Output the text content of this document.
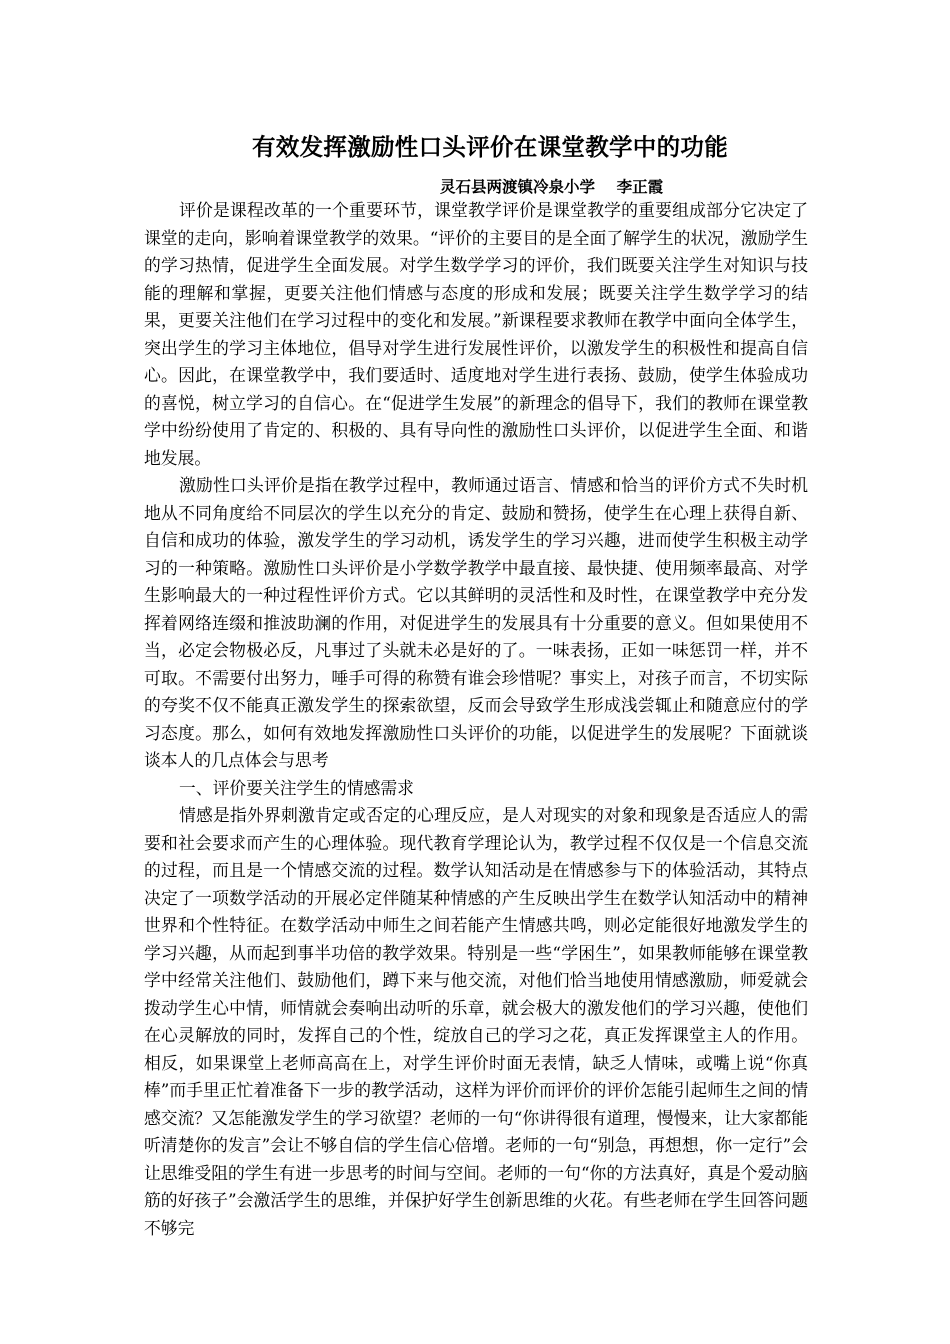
有效发挥激励性口头评价在课堂教学中的功能
灵石县两渡镇冷泉小学    李正霞

评价是课程改革的一个重要环节，课堂教学评价是课堂教学的重要组成部分它决定了课堂的走向，影响着课堂教学的效果。“评价的主要目的是全面了解学生的状况，激励学生的学习热情，促进学生全面发展。对学生数学学习的评价，我们既要关注学生对知识与技能的理解和掌握，更要关注他们情感与态度的形成和发展；既要关注学生数学学习的结果，更要关注他们在学习过程中的变化和发展。”新课程要求教师在教学中面向全体学生，突出学生的学习主体地位，倡导对学生进行发展性评价，以激发学生的积极性和提高自信心。因此，在课堂教学中，我们要适时、适度地对学生进行表扬、鼓励，使学生体验成功的喜悦，树立学习的自信心。在“促进学生发展”的新理念的倡导下，我们的教师在课堂教学中纷纷使用了肯定的、积极的、具有导向性的激励性口头评价，以促进学生全面、和谐地发展。

激励性口头评价是指在教学过程中，教师通过语言、情感和恰当的评价方式不失时机地从不同角度给不同层次的学生以充分的肯定、鼓励和赞扬，使学生在心理上获得自新、自信和成功的体验，激发学生的学习动机，诱发学生的学习兴趣，进而使学生积极主动学习的一种策略。激励性口头评价是小学数学教学中最直接、最快捷、使用频率最高、对学生影响最大的一种过程性评价方式。它以其鲜明的灵活性和及时性，在课堂教学中充分发挥着网络连缀和推波助澜的作用，对促进学生的发展具有十分重要的意义。但如果使用不当，必定会物极必反，凡事过了头就未必是好的了。一味表扬，正如一味惩罚一样，并不可取。不需要付出努力，唾手可得的称赞有谁会珍惜呢？事实上，对孩子而言，不切实际的夸奖不仅不能真正激发学生的探索欲望，反而会导致学生形成浅尝辄止和随意应付的学习态度。那么，如何有效地发挥激励性口头评价的功能，以促进学生的发展呢？下面就谈谈本人的几点体会与思考

一、评价要关注学生的情感需求

情感是指外界刺激肯定或否定的心理反应，是人对现实的对象和现象是否适应人的需要和社会要求而产生的心理体验。现代教育学理论认为，教学过程不仅仅是一个信息交流的过程，而且是一个情感交流的过程。数学认知活动是在情感参与下的体验活动，其特点决定了一项数学活动的开展必定伴随某种情感的产生反映出学生在数学认知活动中的精神世界和个性特征。在数学活动中师生之间若能产生情感共鸣，则必定能很好地激发学生的学习兴趣，从而起到事半功倍的教学效果。特别是一些“学困生”，如果教师能够在课堂教学中经常关注他们、鼓励他们，蹲下来与他交流，对他们恰当地使用情感激励，师爱就会拨动学生心中情，师情就会奏响出动听的乐章，就会极大的激发他们的学习兴趣，使他们在心灵解放的同时，发挥自己的个性，绽放自己的学习之花，真正发挥课堂主人的作用。相反，如果课堂上老师高高在上，对学生评价时面无表情，缺乏人情味，或嘴上说“你真棒”而手里正忙着准备下一步的教学活动，这样为评价而评价的评价怎能引起师生之间的情感交流？又怎能激发学生的学习欲望？老师的一句“你讲得很有道理，慢慢来，让大家都能听清楚你的发言”会让不够自信的学生信心倍增。老师的一句“别急，再想想，你一定行”会让思维受阻的学生有进一步思考的时间与空间。老师的一句“你的方法真好，真是个爱动脑筋的好孩子”会激活学生的思维，并保护好学生创新思维的火花。有些老师在学生回答问题不够完
